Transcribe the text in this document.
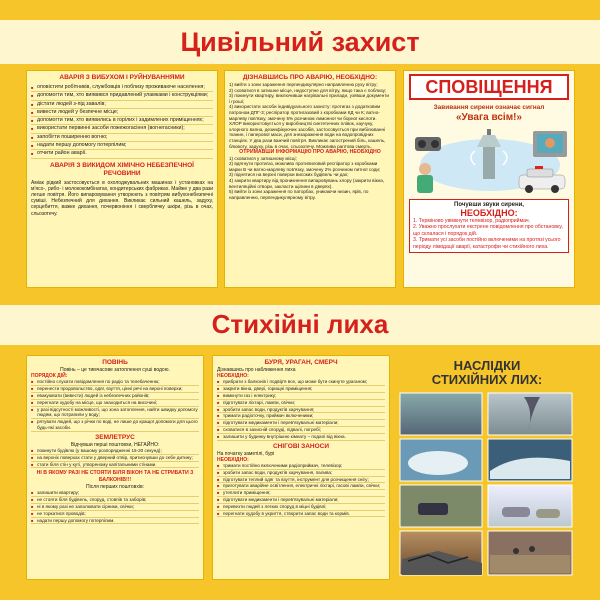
Цивільний захист
Стихійні лиха
АВАРІЯ З ВИБУХОМ І РУЙНУВАННЯМИ
■ оповістити робітників, службовців і поблизу проживаюче населення;
■ допомогти тим, хто виявився придавлений уламками і конструкціями;
■ дістати людей з-під завалів;
■ вивести людей у безпечне місце;
■ допомогти тим, хто виявились в горілих і задимлених приміщеннях;
■ використати первинні засоби пожежогасіння (вогнегасники);
■ запобігти поширенню вогню;
■ надати першу допомогу потерпілим;
■ отчити район аварії.
АВАРІЯ З ВИКИДОМ ХІМІЧНО НЕБЕЗПЕЧНОЇ РЕЧОВИНИ
Аміак рідкий застосовується в охолоджувальних машинах і установках на м'ясо-, рибо- і молококомбінатах, кондитерських фабриках. Майже у два рази легше повітря. Його випаровування утворюють з повітрям вибухонебезпечні суміші. Небезпечний для дихання. Викликає сильний кашель, задуху, серцебиття, важке дихання, почервоніння і сверблячку шкіри, різь в очах, сльозотечу.
ДІЗНАВШИСЬ ПРО АВАРІЮ, НЕОБХІДНО:
1) вийти з зони зараження перпендикулярно направленню руху вітру;
2) сховатися в затишне місце, недоступне для вітру, якщо така є поблизу;
3) покинути квартиру, виключивши нагрівальні прилади, узявши документи і гроші;
4) використати засоби індивідуального захисту: протигаз з додатковим патроном ДПГ-3; респіратор протигазовий з коробками КД чи К; ватно-марлеву пов'язку, змочену 5% розчином лимонної чи борної кислоти.
ХЛОР використовується у виробництві синтетичних плівок, каучуку, хлорного вапна, дезинфікуючих засобів, застосовується при вибілюванні тканин, і паперової маси, для знезараження води на водопровідних станціях. У два рази важчий повітря. Викликає загострений біль, кашель, блювоту, задуху, різь в очах, сльозотечу. Можлива раптова смерть.
ОТРИМАВШИ ІНФОРМАЦІЮ ПРО АВАРІЮ, НЕОБХІДНО
1) сховатися у затишному місці;
2) вдягнути протигаз, можливо протипиловий респіратор з коробками марки В чи ватно-марлеву пов'язку, змочену 2% розчином питної соди;
3) піднятися на верхні поверхи високих будівель чи дах;
4) закрити квартиру від проникнення випаровувань хлору (закрити вікна, вентиляційні отвори, закласти щілини в дверях).
5) вийти із зони зараження по паторбах, уникаючи низин, ярів, по направленню, перпендикулярному вітру.
СПОВІЩЕННЯ
Завивання сирени означає сигнал
«Увага всім!»
Почувши звуки сирени,
НЕОБХІДНО:
1. Терміново увімкнути телевізор, радіоприймач.
2. Уважно прослухати екстрене повідомлення про обстановку, що склалася і порядок дій.
3. Тримати усі засоби постійно включеними на протязі усього періоду ліквідації аварії, катастрофи чи стихійного лиха.
ПОВІНЬ
Повінь – це тимчасове затоплення суші водою.
ПОРЯДОК ДІЙ:
■ постійно слухати повідомлення по радіо та телебаченню;
■ перенести продовольство, одяг, взуття, цінні речі на верхні поверхи;
■ евакуювати (вивести) людей із небезпечних районів;
■ перегнати худобу на місце, що знаходиться на височині;
■ у разі відсутності можливості, що зона затоплення, найти швидку допомогу людям, що потрапили у воду;
■ рятувати людей, що з річки по воді, не лише до кращої допомоги для цього будь-які засоби.
ЗЕМЛЕТРУС
Відчувши перші поштовхи, НЕГАЙНО:
■ покинути будівлю (у вашому розпорядженні 15-20 секунд);
■ на верхніх поверхах стати у дверний отвір, притиснувши до себе дитину;
■ стати біля стін у куті, утвореному капітальними стінами.
НІ В ЯКОМУ РАЗІ НЕ СТОЯТИ БІЛЯ ВІКОН ТА НЕ СТРИБАТИ З БАЛКОНІВ!!!
Після перших поштовхів:
■ залишити квартиру;
■ не стояти біля будівель, споруд, стовпів та заборів;
■ ні в якому разі не запалювати сірники, свічки;
■ не торкатися проводів;
■ надати першу допомогу потерпілим.
БУРЯ, УРАГАН, СМЕРЧ
Дізнавшись про наближення лиха
НЕОБХІДНО:
■ прибрати з балконів і подвір'я все, що може бути скинуте ураганом;
■ закрити вікна, двері, горищні приміщення;
■ вимкнути газ і електрику;
■ підготувати ліхтарі, лампи, свічки;
■ зробити запас води, продуктів харчування;
■ тримати радіоточку, приймач включеними;
■ підготувати медикаменти і перев'язувальні матеріали;
■ сховатися в захисній споруді, підвалі, погребі;
■ залишити у будинку внутрішню кімнату – подалі від вікна.
СНІГОВІ ЗАНОСИ
На початку заметілі, бурі
НЕОБХІДНО:
■ тримати постійно включеними радіоприймач, телевізор;
■ зробити запас води, продуктів харчування, палива;
■ підготувати теплий одяг та взуття, інструмент для розчищення снігу;
■ приготувати аварійне освітлення, електричні ліхтарі, гасові лампи, свічки;
■ утеплити приміщення;
■ підготувати медикаменти і перев'язувальні матеріали;
■ перевезти людей з легких споруд в міцні будівлі;
■ перегнати худобу в укриття, створити запас води та кормів.
НАСЛІДКИ
СТИХІЙНИХ ЛИХ:
